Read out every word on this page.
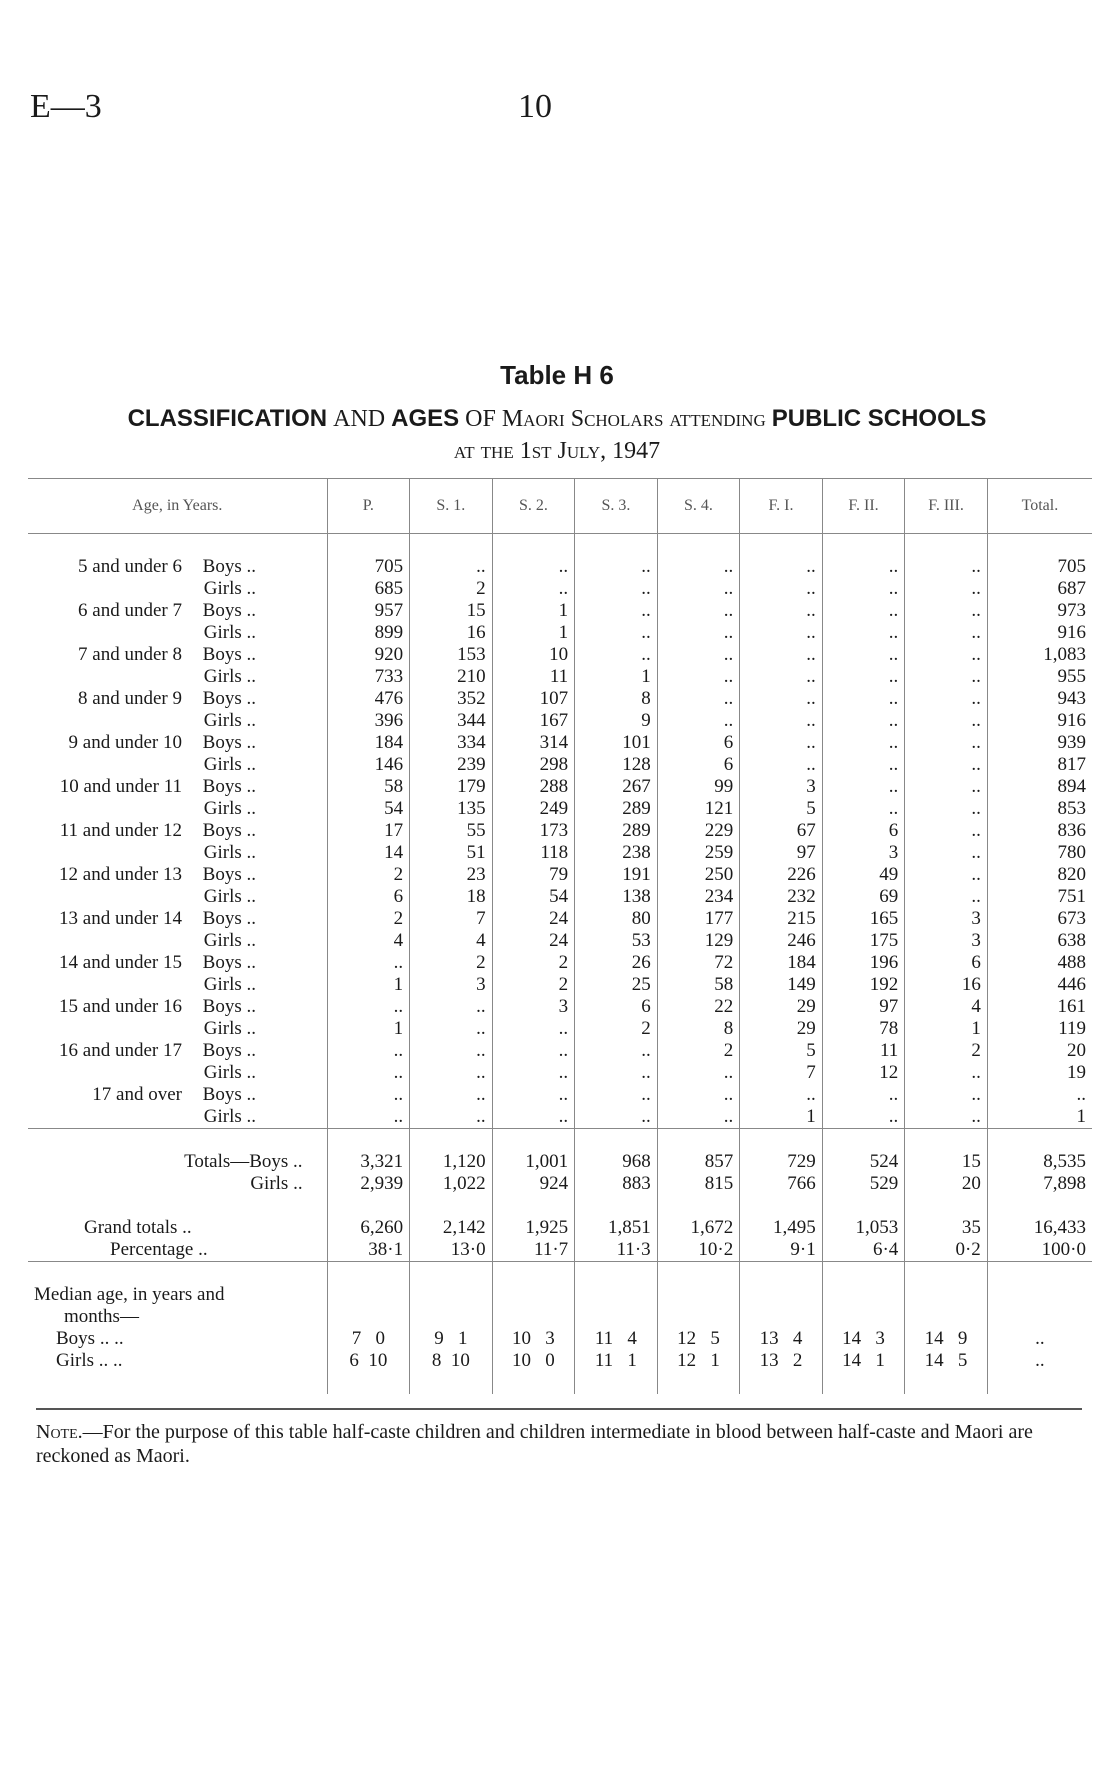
E—3	10
Table H 6
CLASSIFICATION AND AGES OF Maori Scholars attending PUBLIC SCHOOLS
at the 1st July, 1947
Age, in Years.	P.	S. 1.	S. 2.	S. 3.	S. 4.	F. I.	F. II.	F. III.	Total.

5 and under 6 Boys ..	705	..	..	..	..	..	..	..	705

Girls ..	685	2	..	..	..	..	..	..	687

6 and under 7 Boys ..	957	15	1	..	..	..	..	..	973

Girls ..	899	16	1	..	..	..	..	..	916

7 and under 8 Boys ..	920	153	10	..	..	..	..	..	1,083

Girls ..	733	210	11	1	..	..	..	..	955

8 and under 9 Boys ..	476	352	107	8	..	..	..	..	943

Girls ..	396	344	167	9	..	..	..	..	916

9 and under 10 Boys ..	184	334	314	101	6	..	..	..	939

Girls ..	146	239	298	128	6	..	..	..	817

10 and under 11 Boys ..	58	179	288	267	99	3	..	..	894

Girls ..	54	135	249	289	121	5	..	..	853

11 and under 12 Boys ..	17	55	173	289	229	67	6	..	836

Girls ..	14	51	118	238	259	97	3	..	780

12 and under 13 Boys ..	2	23	79	191	250	226	49	..	820

Girls ..	6	18	54	138	234	232	69	..	751

13 and under 14 Boys ..	2	7	24	80	177	215	165	3	673

Girls ..	4	4	24	53	129	246	175	3	638

14 and under 15 Boys ..	..	2	2	26	72	184	196	6	488

Girls ..	1	3	2	25	58	149	192	16	446

15 and under 16 Boys ..	..	..	3	6	22	29	97	4	161

Girls ..	1	..	..	2	8	29	78	1	119

16 and under 17 Boys ..	..	..	..	..	2	5	11	2	20

Girls ..	..	..	..	..	..	7	12	..	19

17 and over Boys ..	..	..	..	..	..	..	..	..	..

Girls ..	..	..	..	..	..	1	..	..	1

Totals—Boys ..	3,321	1,120	1,001	968	857	729	524	15	8,535
Girls ..	2,939	1,022	924	883	815	766	529	20	7,898

Grand totals ..	6,260	2,142	1,925	1,851	1,672	1,495	1,053	35	16,433
Percentage ..	38·1	13·0	11·7	11·3	10·2	9·1	6·4	0·2	100·0

Median age, in years and									
months—									
Boys .. ..	7   0	9   1	10   3	11   4	12   5	13   4	14   3	14   9	..
Girls .. ..	6  10	8  10	10   0	11   1	12   1	13   2	14   1	14   5	..

Note.—For the purpose of this table half-caste children and children intermediate in blood between half-caste and Maori are reckoned as Maori.
